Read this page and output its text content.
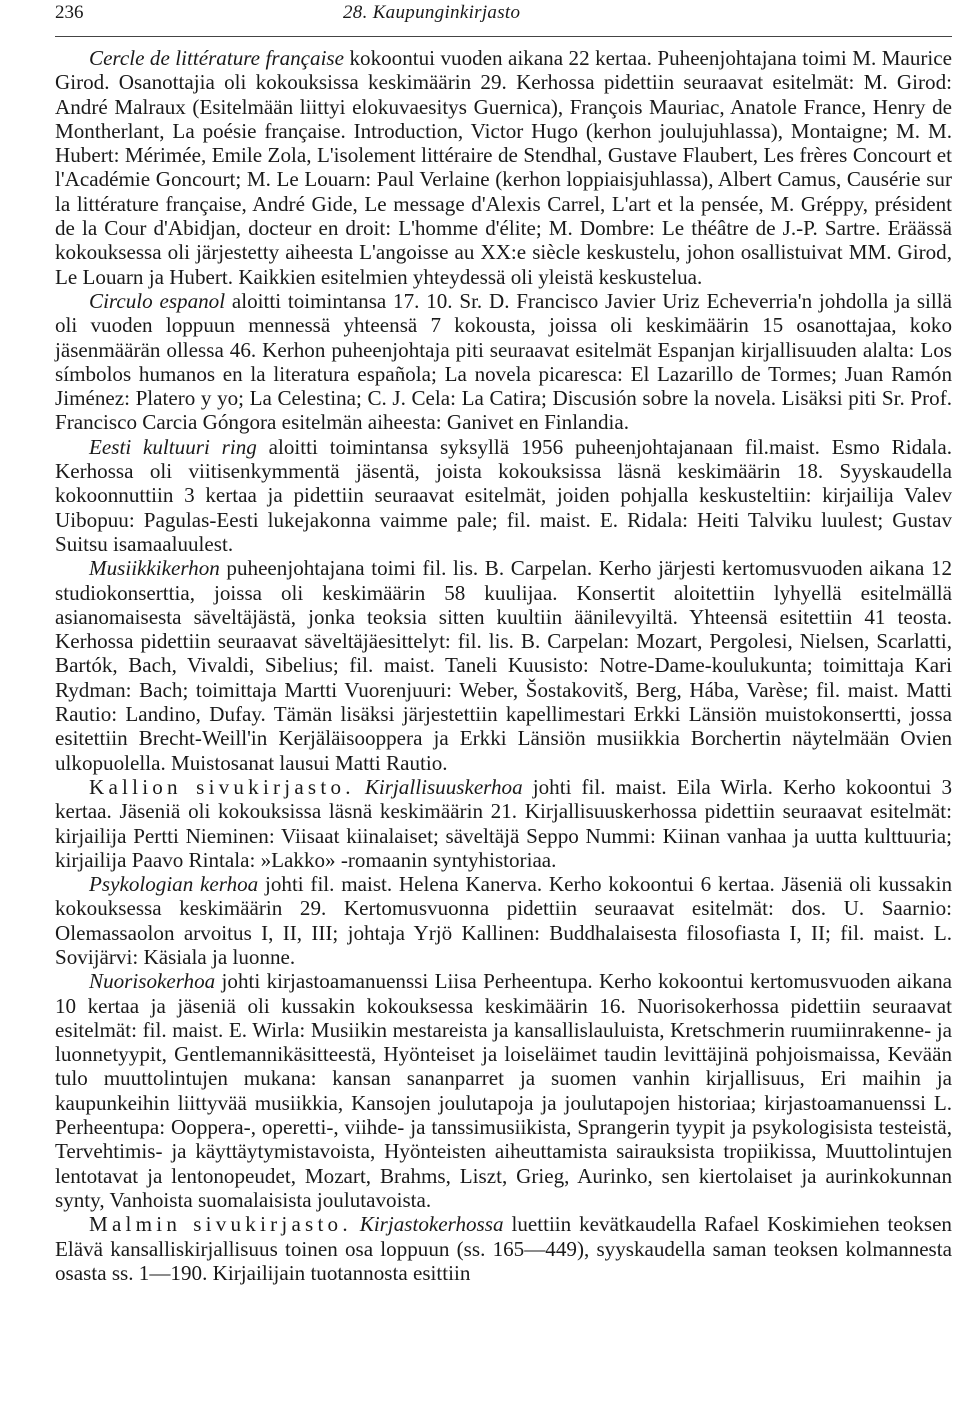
236	28. Kaupunginkirjasto

Cercle de littérature française kokoontui vuoden aikana 22 kertaa. Puheenjohtajana toimi M. Maurice Girod. Osanottajia oli kokouksissa keskimäärin 29. Kerhossa pidettiin seuraavat esitelmät: M. Girod: André Malraux (Esitelmään liittyi elokuvaesitys Guernica), François Mauriac, Anatole France, Henry de Montherlant, La poésie française. Introduction, Victor Hugo (kerhon joulujuhlassa), Montaigne; M. M. Hubert: Mérimée, Emile Zola, L'isolement littéraire de Stendhal, Gustave Flaubert, Les frères Concourt et l'Académie Goncourt; M. Le Louarn: Paul Verlaine (kerhon loppiaisjuhlassa), Albert Camus, Causérie sur la littérature française, André Gide, Le message d'Alexis Carrel, L'art et la pensée, M. Gréppy, président de la Cour d'Abidjan, docteur en droit: L'homme d'élite; M. Dombre: Le théâtre de J.-P. Sartre. Eräässä kokouksessa oli järjestetty aiheesta L'angoisse au XX:e siècle keskustelu, johon osallistuivat MM. Girod, Le Louarn ja Hubert. Kaikkien esitelmien yhteydessä oli yleistä keskustelua.

Circulo espanol aloitti toimintansa 17. 10. Sr. D. Francisco Javier Uriz Echeverria'n johdolla ja sillä oli vuoden loppuun mennessä yhteensä 7 kokousta, joissa oli keskimäärin 15 osanottajaa, koko jäsenmäärän ollessa 46. Kerhon puheenjohtaja piti seuraavat esitelmät Espanjan kirjallisuuden alalta: Los símbolos humanos en la literatura española; La novela picaresca: El Lazarillo de Tormes; Juan Ramón Jiménez: Platero y yo; La Celestina; C. J. Cela: La Catira; Discusión sobre la novela. Lisäksi piti Sr. Prof. Francisco Carcia Góngora esitelmän aiheesta: Ganivet en Finlandia.

Eesti kultuuri ring aloitti toimintansa syksyllä 1956 puheenjohtajanaan fil.maist. Esmo Ridala. Kerhossa oli viitisenkymmentä jäsentä, joista kokouksissa läsnä keskimäärin 18. Syyskaudella kokoonnuttiin 3 kertaa ja pidettiin seuraavat esitelmät, joiden pohjalla keskusteltiin: kirjailija Valev Uibopuu: Pagulas-Eesti lukejakonna vaimme pale; fil. maist. E. Ridala: Heiti Talviku luulest; Gustav Suitsu isamaaluulest.

Musiikkikerhon puheenjohtajana toimi fil. lis. B. Carpelan. Kerho järjesti kertomusvuoden aikana 12 studiokonserttia, joissa oli keskimäärin 58 kuulijaa. Konsertit aloitettiin lyhyellä esitelmällä asianomaisesta säveltäjästä, jonka teoksia sitten kuultiin äänilevyiltä. Yhteensä esitettiin 41 teosta. Kerhossa pidettiin seuraavat säveltäjäesittelyt: fil. lis. B. Carpelan: Mozart, Pergolesi, Nielsen, Scarlatti, Bartók, Bach, Vivaldi, Sibelius; fil. maist. Taneli Kuusisto: Notre-Dame-koulukunta; toimittaja Kari Rydman: Bach; toimittaja Martti Vuorenjuuri: Weber, Šostakovitš, Berg, Hába, Varèse; fil. maist. Matti Rautio: Landino, Dufay. Tämän lisäksi järjestettiin kapellimestari Erkki Länsiön muistokonsertti, jossa esitettiin Brecht-Weill'in Kerjäläisooppera ja Erkki Länsiön musiikkia Borchertin näytelmään Ovien ulkopuolella. Muistosanat lausui Matti Rautio.

Kallion sivukirjasto. Kirjallisuuskerhoa johti fil. maist. Eila Wirla. Kerho kokoontui 3 kertaa. Jäseniä oli kokouksissa läsnä keskimäärin 21. Kirjallisuuskerhossa pidettiin seuraavat esitelmät: kirjailija Pertti Nieminen: Viisaat kiinalaiset; säveltäjä Seppo Nummi: Kiinan vanhaa ja uutta kulttuuria; kirjailija Paavo Rintala: »Lakko» -romaanin syntyhistoriaa.

Psykologian kerhoa johti fil. maist. Helena Kanerva. Kerho kokoontui 6 kertaa. Jäseniä oli kussakin kokouksessa keskimäärin 29. Kertomusvuonna pidettiin seuraavat esitelmät: dos. U. Saarnio: Olemassaolon arvoitus I, II, III; johtaja Yrjö Kallinen: Buddhalaisesta filosofiasta I, II; fil. maist. L. Sovijärvi: Käsiala ja luonne.

Nuorisokerhoa johti kirjastoamanuenssi Liisa Perheentupa. Kerho kokoontui kertomusvuoden aikana 10 kertaa ja jäseniä oli kussakin kokouksessa keskimäärin 16. Nuorisokerhossa pidettiin seuraavat esitelmät: fil. maist. E. Wirla: Musiikin mestareista ja kansallislauluista, Kretschmerin ruumiinrakenne- ja luonnetyypit, Gentlemannikäsitteestä, Hyönteiset ja loiseläimet taudin levittäjinä pohjoismaissa, Kevään tulo muuttolintujen mukana: kansan sananparret ja suomen vanhin kirjallisuus, Eri maihin ja kaupunkeihin liittyvää musiikkia, Kansojen joulutapoja ja joulutapojen historiaa; kirjastoamanuenssi L. Perheentupa: Ooppera-, operetti-, viihde- ja tanssimusiikista, Sprangerin tyypit ja psykologisista testeistä, Tervehtimis- ja käyttäytymistavoista, Hyönteisten aiheuttamista sairauksista tropiikissa, Muuttolintujen lentotavat ja lentonopeudet, Mozart, Brahms, Liszt, Grieg, Aurinko, sen kiertolaiset ja aurinkokunnan synty, Vanhoista suomalaisista joulutavoista.

Malmin sivukirjasto. Kirjastokerhossa luettiin kevätkaudella Rafael Koskimiehen teoksen Elävä kansalliskirjallisuus toinen osa loppuun (ss. 165—449), syyskaudella saman teoksen kolmannesta osasta ss. 1—190. Kirjailijain tuotannosta esittiin
